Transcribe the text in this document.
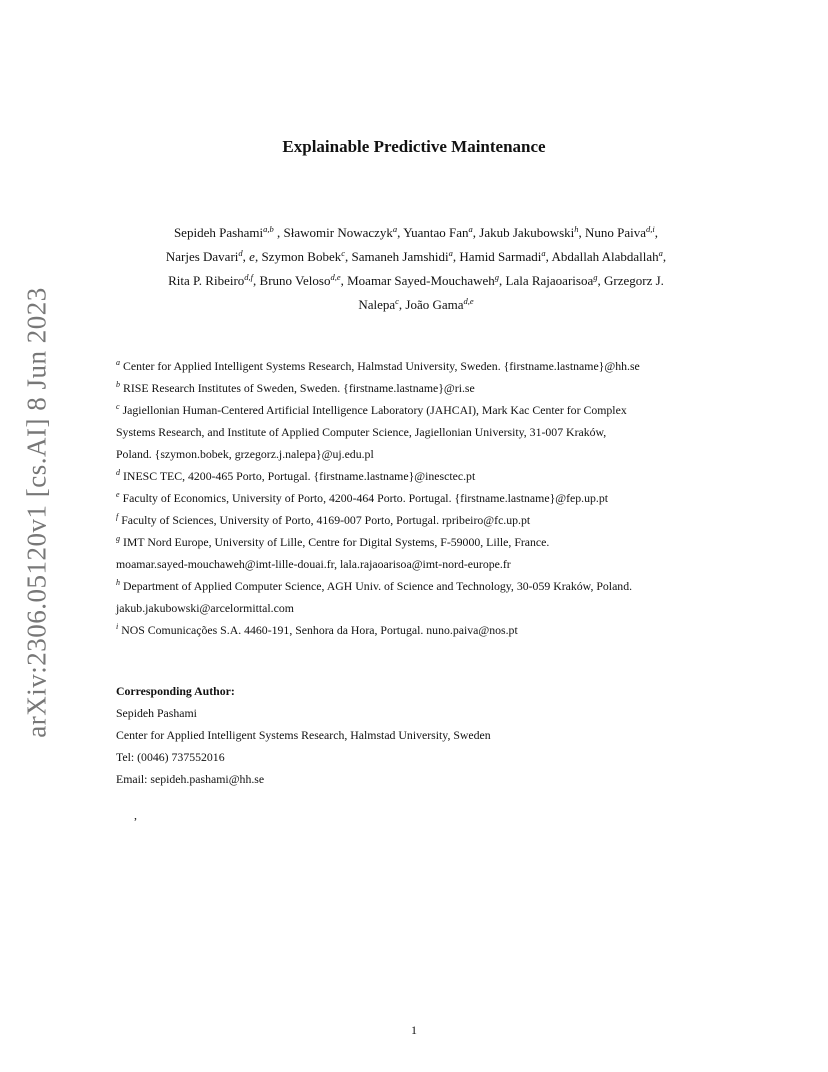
arXiv:2306.05120v1 [cs.AI] 8 Jun 2023
Explainable Predictive Maintenance
Sepideh Pashami$^{a,b}$ , Sławomir Nowaczyk$^a$, Yuantao Fan$^a$, Jakub Jakubowski$^h$, Nuno Paiva$^{d,i}$,
Narjes Davari$^d$, e, Szymon Bobek$^c$, Samaneh Jamshidi$^a$, Hamid Sarmadi$^a$, Abdallah Alabdallah$^a$,
Rita P. Ribeiro$^{d,f}$, Bruno Veloso$^{d,e}$, Moamar Sayed-Mouchaweh$^g$, Lala Rajaoarisoa$^g$, Grzegorz J.
Nalepa$^c$, João Gama$^{d,e}$
$^a$ Center for Applied Intelligent Systems Research, Halmstad University, Sweden. {firstname.lastname}@hh.se
$^b$ RISE Research Institutes of Sweden, Sweden. {firstname.lastname}@ri.se
$^c$ Jagiellonian Human-Centered Artificial Intelligence Laboratory (JAHCAI), Mark Kac Center for Complex
Systems Research, and Institute of Applied Computer Science, Jagiellonian University, 31-007 Kraków,
Poland. {szymon.bobek, grzegorz.j.nalepa}@uj.edu.pl
$^d$ INESC TEC, 4200-465 Porto, Portugal. {firstname.lastname}@inesctec.pt
$^e$ Faculty of Economics, University of Porto, 4200-464 Porto. Portugal. {firstname.lastname}@fep.up.pt
$^f$ Faculty of Sciences, University of Porto, 4169-007 Porto, Portugal. rpribeiro@fc.up.pt
$^g$ IMT Nord Europe, University of Lille, Centre for Digital Systems, F-59000, Lille, France.
moamar.sayed-mouchaweh@imt-lille-douai.fr, lala.rajaoarisoa@imt-nord-europe.fr
$^h$ Department of Applied Computer Science, AGH Univ. of Science and Technology, 30-059 Kraków, Poland.
jakub.jakubowski@arcelormittal.com
$^i$ NOS Comunicações S.A. 4460-191, Senhora da Hora, Portugal. nuno.paiva@nos.pt
Corresponding Author:
Sepideh Pashami
Center for Applied Intelligent Systems Research, Halmstad University, Sweden
Tel: (0046) 737552016
Email: sepideh.pashami@hh.se
,
1
